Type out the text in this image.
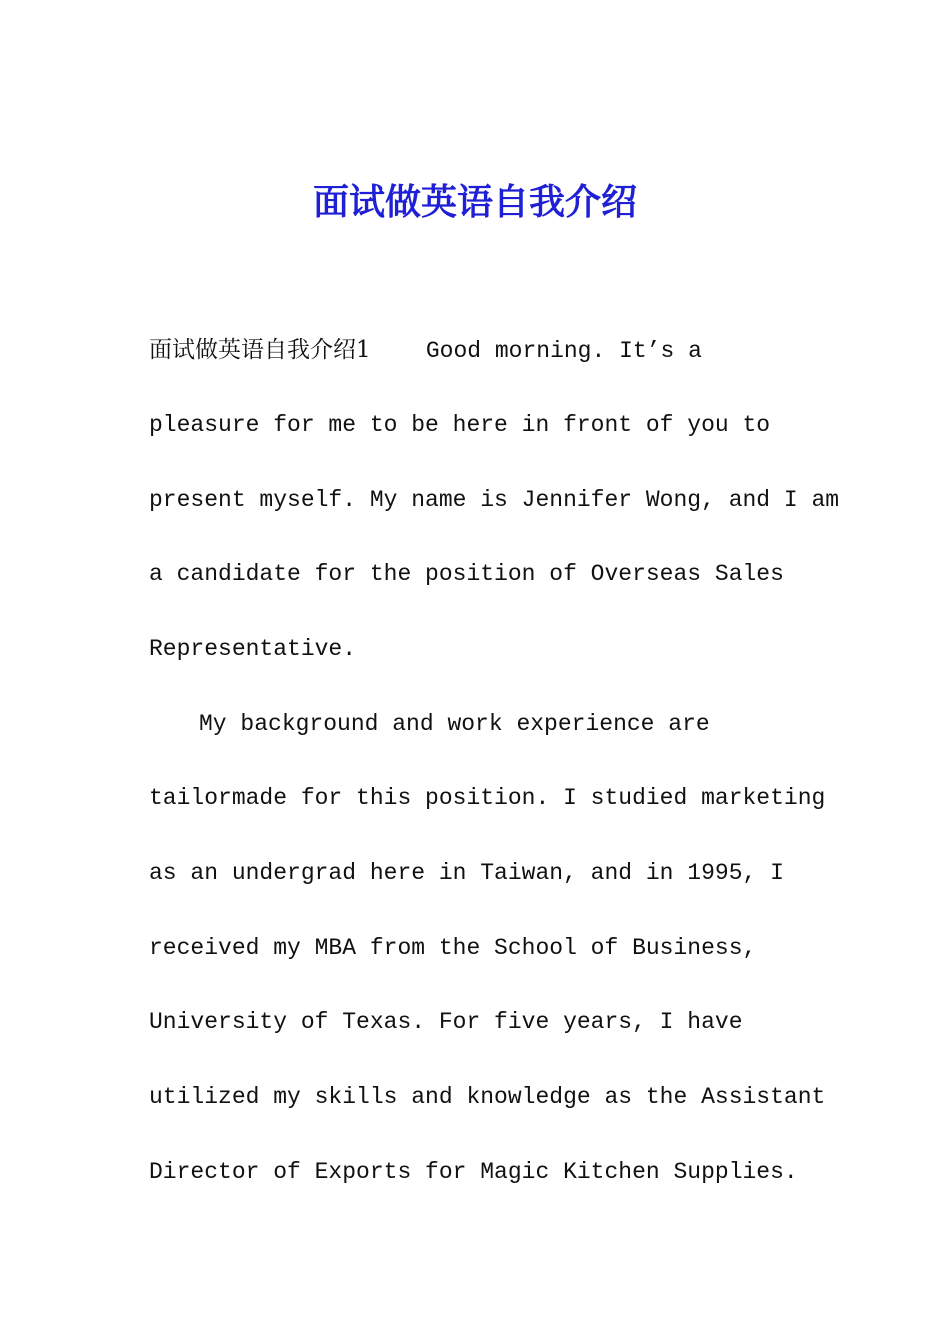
面试做英语自我介绍

面试做英语自我介绍1    Good morning. It’s a

pleasure for me to be here in front of you to

present myself. My name is Jennifer Wong, and I am

a candidate for the position of Overseas Sales

Representative.

My background and work experience are

tailormade for this position. I studied marketing

as an undergrad here in Taiwan, and in 1995, I

received my MBA from the School of Business,

University of Texas. For five years, I have

utilized my skills and knowledge as the Assistant

Director of Exports for Magic Kitchen Supplies.
